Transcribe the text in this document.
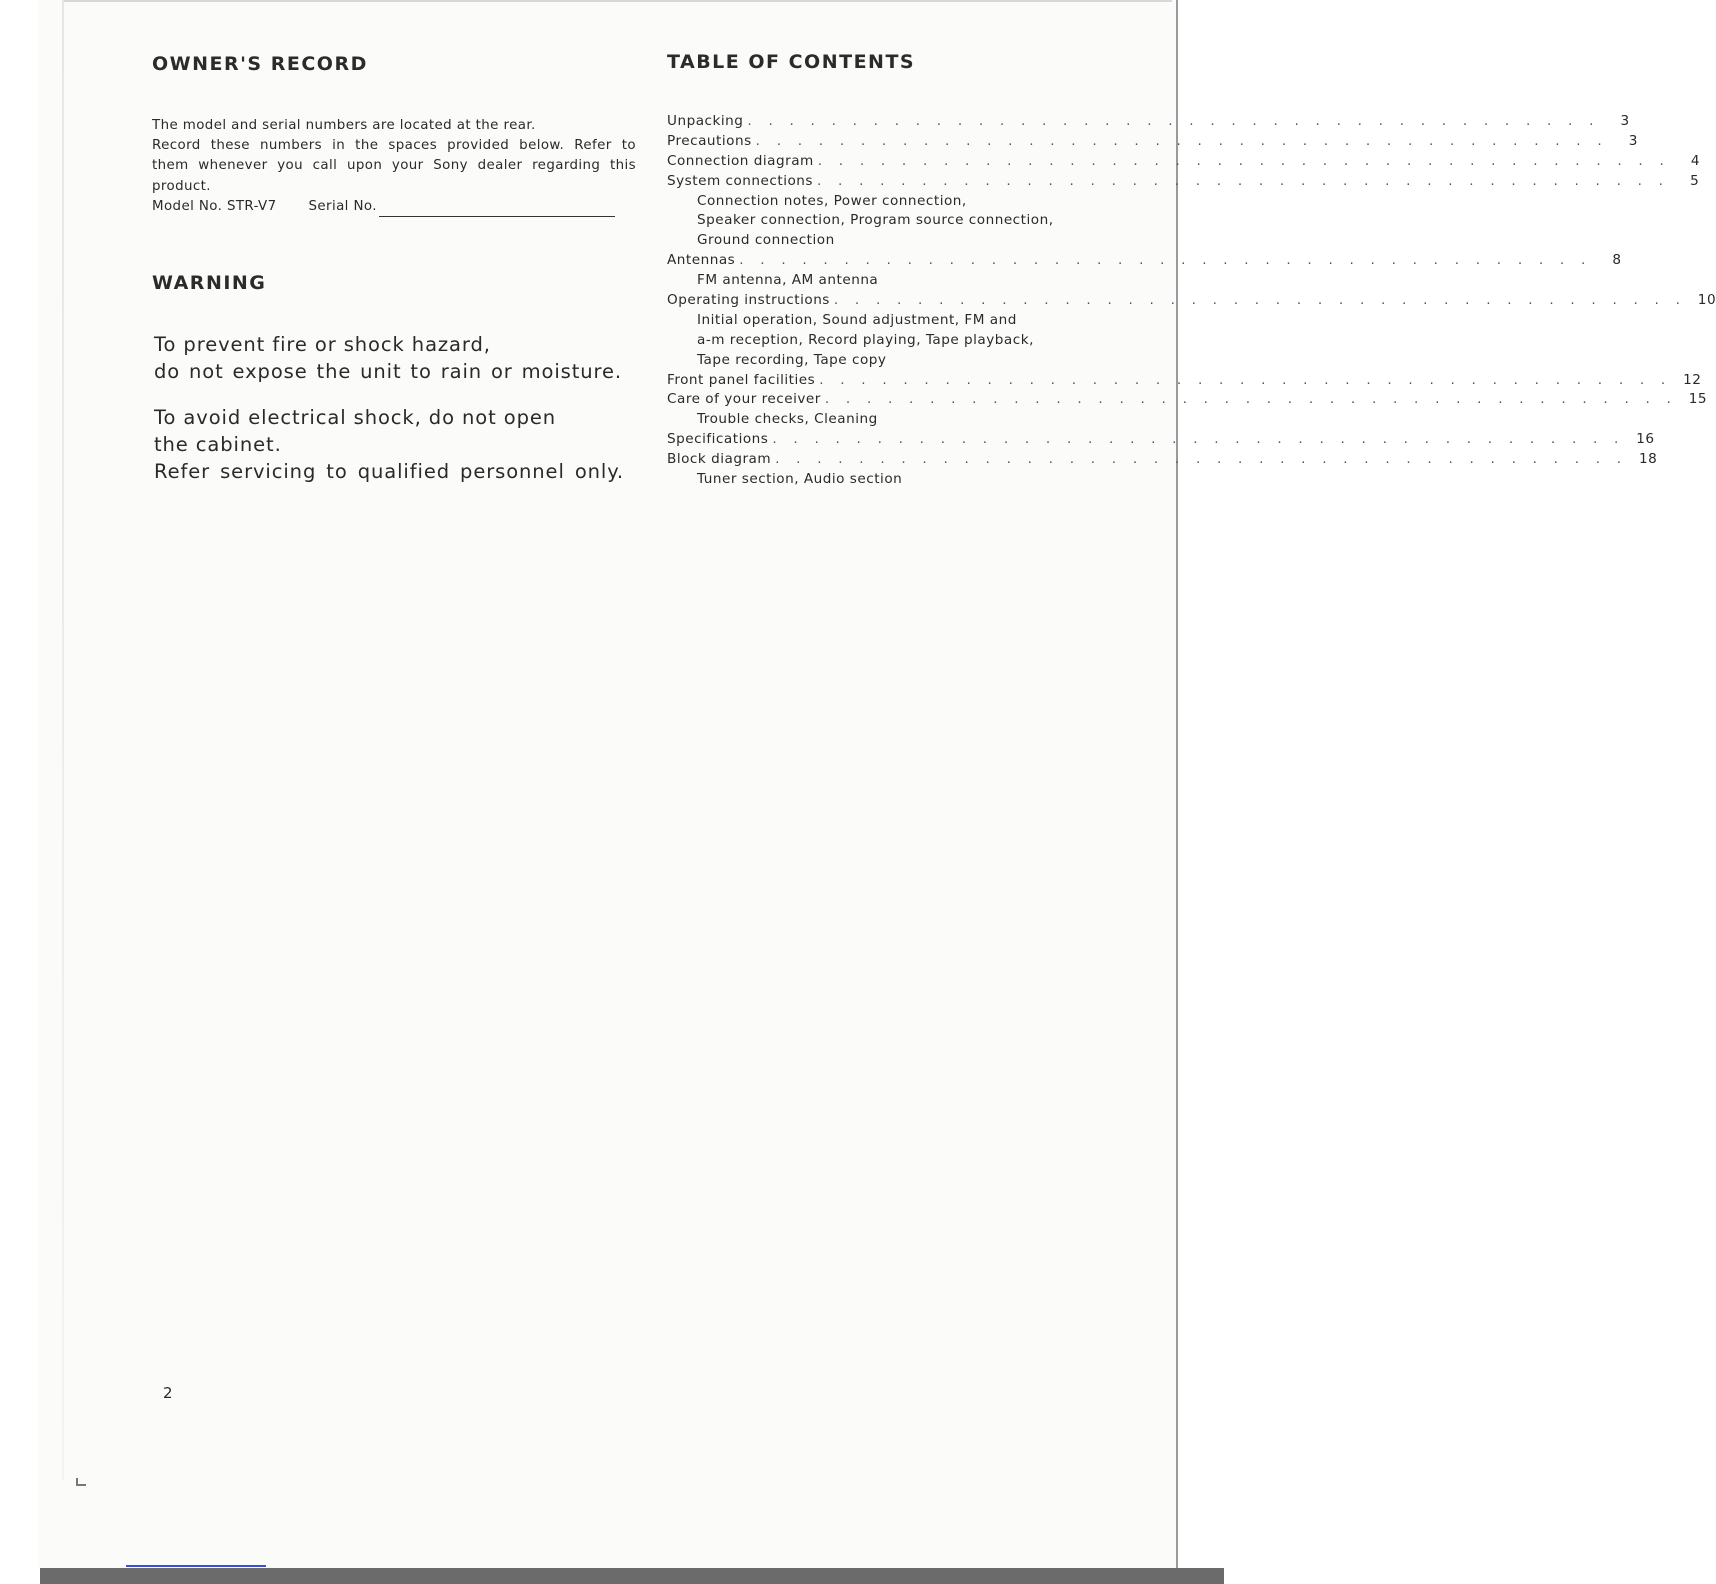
OWNER'S RECORD
The model and serial numbers are located at the rear.
Record these numbers in the spaces provided below. Refer to
them whenever you call upon your Sony dealer regarding this
product.
Model No. STR-V7 Serial No.
WARNING
To prevent fire or shock hazard,
do not expose the unit to rain or moisture.
To avoid electrical shock, do not open
the cabinet.
Refer servicing to qualified personnel only.
TABLE OF CONTENTS
Unpacking . . . . . . . . . . . . . . . . . . . . . . . . . . . . . . . . . . . . . . . . .	3
Precautions . . . . . . . . . . . . . . . . . . . . . . . . . . . . . . . . . . . . . . . . .	3
Connection diagram . . . . . . . . . . . . . . . . . . . . . . . . . . . . . . . . . . . . . . . . .	4
System connections . . . . . . . . . . . . . . . . . . . . . . . . . . . . . . . . . . . . . . . . .	5
Connection notes, Power connection,
Speaker connection, Program source connection,
Ground connection
Antennas . . . . . . . . . . . . . . . . . . . . . . . . . . . . . . . . . . . . . . . . .	8
FM antenna, AM antenna
Operating instructions . . . . . . . . . . . . . . . . . . . . . . . . . . . . . . . . . . . . . . . . . 10
Initial operation, Sound adjustment, FM and
a-m reception, Record playing, Tape playback,
Tape recording, Tape copy
Front panel facilities . . . . . . . . . . . . . . . . . . . . . . . . . . . . . . . . . . . . . . . . . 12
Care of your receiver . . . . . . . . . . . . . . . . . . . . . . . . . . . . . . . . . . . . . . . . . 15
Trouble checks, Cleaning
Specifications . . . . . . . . . . . . . . . . . . . . . . . . . . . . . . . . . . . . . . . . . 16
Block diagram . . . . . . . . . . . . . . . . . . . . . . . . . . . . . . . . . . . . . . . . . 18
Tuner section, Audio section
2
